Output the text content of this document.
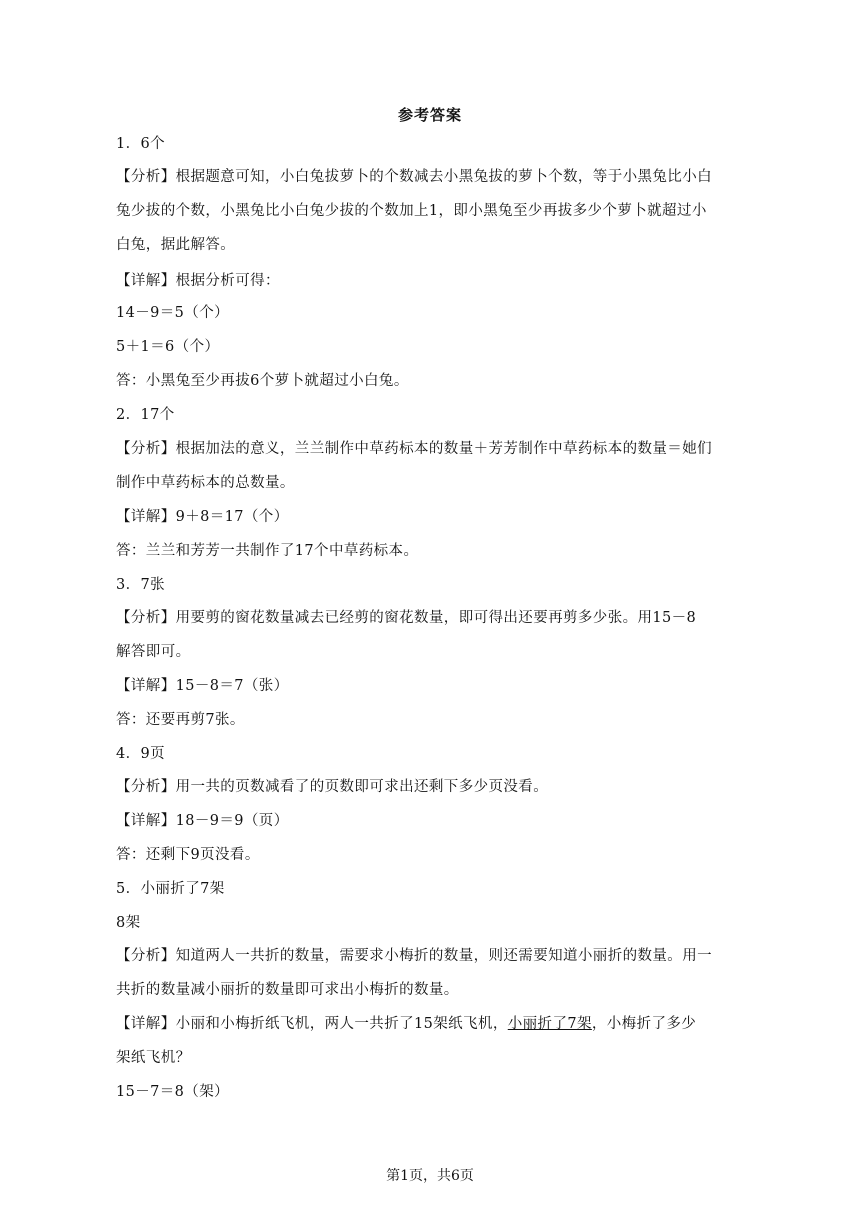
参考答案
1．6个
【分析】根据题意可知，小白兔拔萝卜的个数减去小黑兔拔的萝卜个数，等于小黑兔比小白
兔少拔的个数，小黑兔比小白兔少拔的个数加上1，即小黑兔至少再拔多少个萝卜就超过小
白兔，据此解答。
【详解】根据分析可得：
14－9＝5（个）
5＋1＝6（个）
答：小黑兔至少再拔6个萝卜就超过小白兔。
2．17个
【分析】根据加法的意义，兰兰制作中草药标本的数量＋芳芳制作中草药标本的数量＝她们
制作中草药标本的总数量。
【详解】9＋8＝17（个）
答：兰兰和芳芳一共制作了17个中草药标本。
3．7张
【分析】用要剪的窗花数量减去已经剪的窗花数量，即可得出还要再剪多少张。用15－8
解答即可。
【详解】15－8＝7（张）
答：还要再剪7张。
4．9页
【分析】用一共的页数减看了的页数即可求出还剩下多少页没看。
【详解】18－9＝9（页）
答：还剩下9页没看。
5．小丽折了7架
8架
【分析】知道两人一共折的数量，需要求小梅折的数量，则还需要知道小丽折的数量。用一
共折的数量减小丽折的数量即可求出小梅折的数量。
【详解】小丽和小梅折纸飞机，两人一共折了15架纸飞机，小丽折了7架，小梅折了多少
架纸飞机？
15－7＝8（架）
第1页，共6页
